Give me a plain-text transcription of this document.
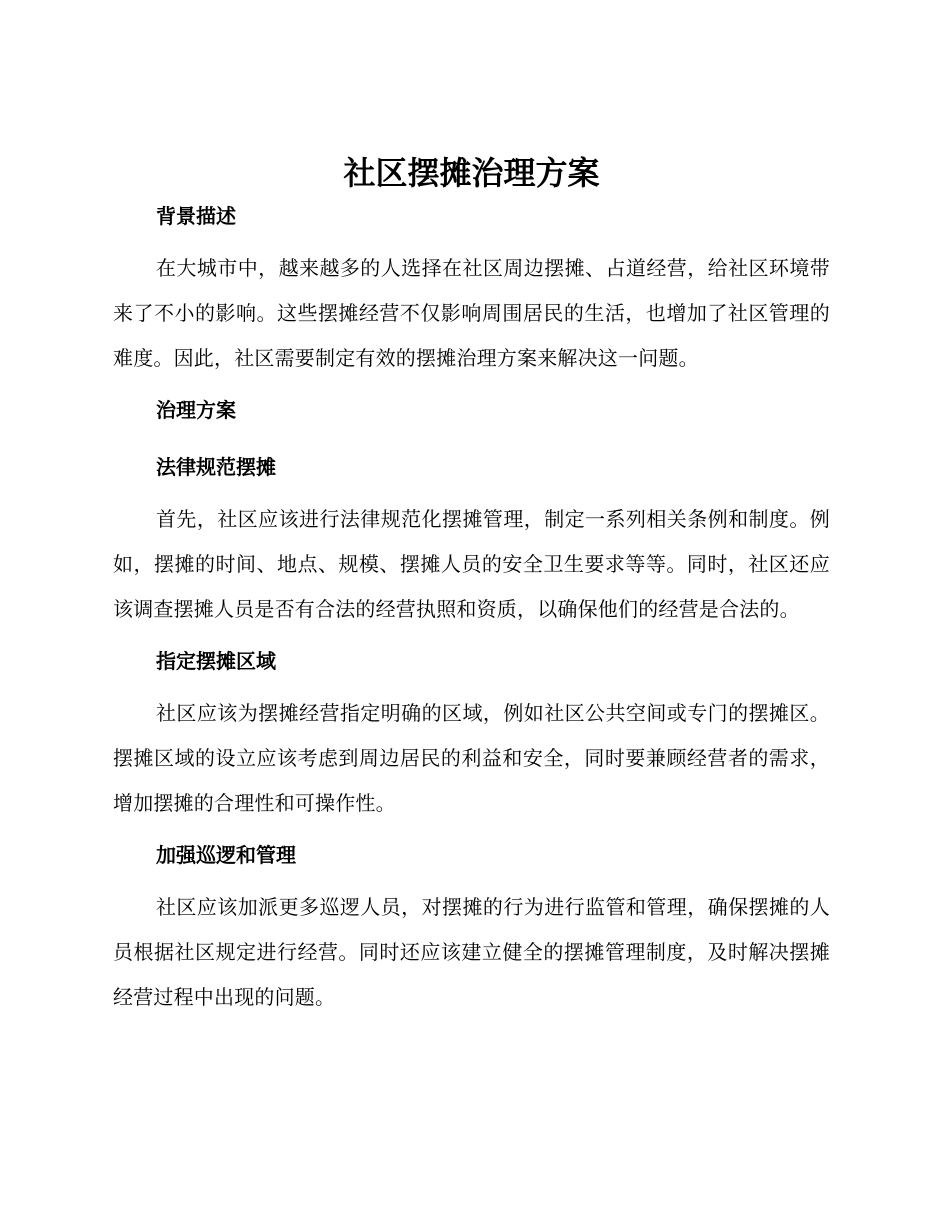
社区摆摊治理方案
背景描述

在大城市中，越来越多的人选择在社区周边摆摊、占道经营，给社区环境带来了不小的影响。这些摆摊经营不仅影响周围居民的生活，也增加了社区管理的难度。因此，社区需要制定有效的摆摊治理方案来解决这一问题。

治理方案
法律规范摆摊

首先，社区应该进行法律规范化摆摊管理，制定一系列相关条例和制度。例如，摆摊的时间、地点、规模、摆摊人员的安全卫生要求等等。同时，社区还应该调查摆摊人员是否有合法的经营执照和资质，以确保他们的经营是合法的。

指定摆摊区域

社区应该为摆摊经营指定明确的区域，例如社区公共空间或专门的摆摊区。摆摊区域的设立应该考虑到周边居民的利益和安全，同时要兼顾经营者的需求，增加摆摊的合理性和可操作性。

加强巡逻和管理

社区应该加派更多巡逻人员，对摆摊的行为进行监管和管理，确保摆摊的人员根据社区规定进行经营。同时还应该建立健全的摆摊管理制度，及时解决摆摊经营过程中出现的问题。
